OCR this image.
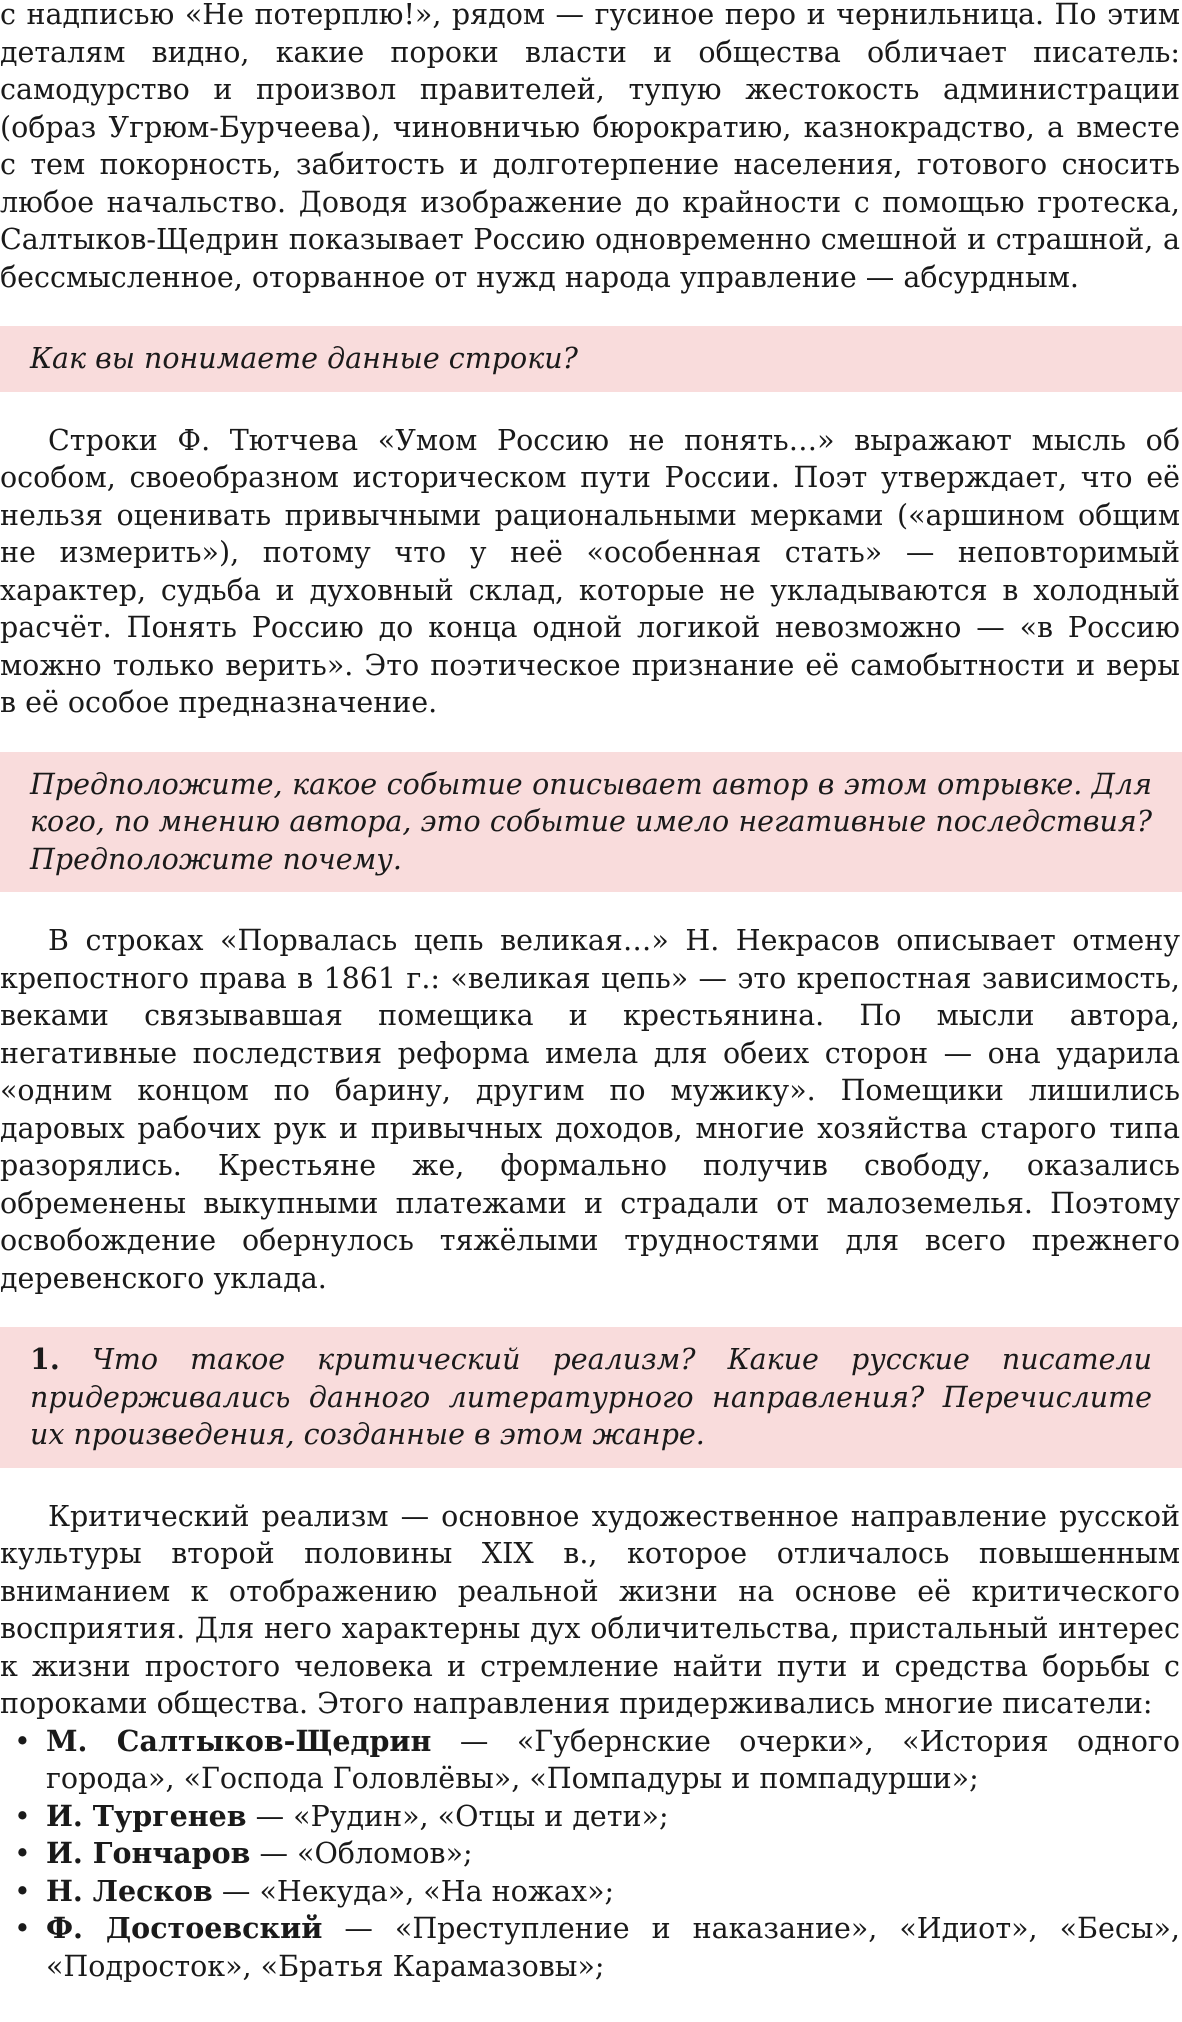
с надписью «Не потерплю!», рядом — гусиное перо и чернильница. По этим деталям видно, какие пороки власти и общества обличает писатель: самодурство и произвол правителей, тупую жестокость администрации (образ Угрюм-Бурчеева), чиновничью бюрократию, казнокрадство, а вместе с тем покорность, забитость и долготерпение населения, готового сносить любое начальство. Доводя изображение до крайности с помощью гротеска, Салтыков-Щедрин показывает Россию одновременно смешной и страшной, а бессмысленное, оторванное от нужд народа управление — абсурдным.

Как вы понимаете данные строки?

Строки Ф. Тютчева «Умом Россию не понять…» выражают мысль об особом, своеобразном историческом пути России. Поэт утверждает, что её нельзя оценивать привычными рациональными мерками («аршином общим не измерить»), потому что у неё «особенная стать» — неповторимый характер, судьба и духовный склад, которые не укладываются в холодный расчёт. Понять Россию до конца одной логикой невозможно — «в Россию можно только верить». Это поэтическое признание её самобытности и веры в её особое предназначение.

Предположите, какое событие описывает автор в этом отрывке. Для кого, по мнению автора, это событие имело негативные последствия? Предположите почему.

В строках «Порвалась цепь великая…» Н. Некрасов описывает отмену крепостного права в 1861 г.: «великая цепь» — это крепостная зависимость, веками связывавшая помещика и крестьянина. По мысли автора, негативные последствия реформа имела для обеих сторон — она ударила «одним концом по барину, другим по мужику». Помещики лишились даровых рабочих рук и привычных доходов, многие хозяйства старого типа разорялись. Крестьяне же, формально получив свободу, оказались обременены выкупными платежами и страдали от малоземелья. Поэтому освобождение обернулось тяжёлыми трудностями для всего прежнего деревенского уклада.

1. Что такое критический реализм? Какие русские писатели придерживались данного литературного направления? Перечислите их произведения, созданные в этом жанре.

Критический реализм — основное художественное направление русской культуры второй половины XIX в., которое отличалось повышенным вниманием к отображению реальной жизни на основе её критического восприятия. Для него характерны дух обличительства, пристальный интерес к жизни простого человека и стремление найти пути и средства борьбы с пороками общества. Этого направления придерживались многие писатели:

• М. Салтыков-Щедрин — «Губернские очерки», «История одного города», «Господа Головлёвы», «Помпадуры и помпадурши»;
• И. Тургенев — «Рудин», «Отцы и дети»;
• И. Гончаров — «Обломов»;
• Н. Лесков — «Некуда», «На ножах»;
• Ф. Достоевский — «Преступление и наказание», «Идиот», «Бесы», «Подросток», «Братья Карамазовы»;
